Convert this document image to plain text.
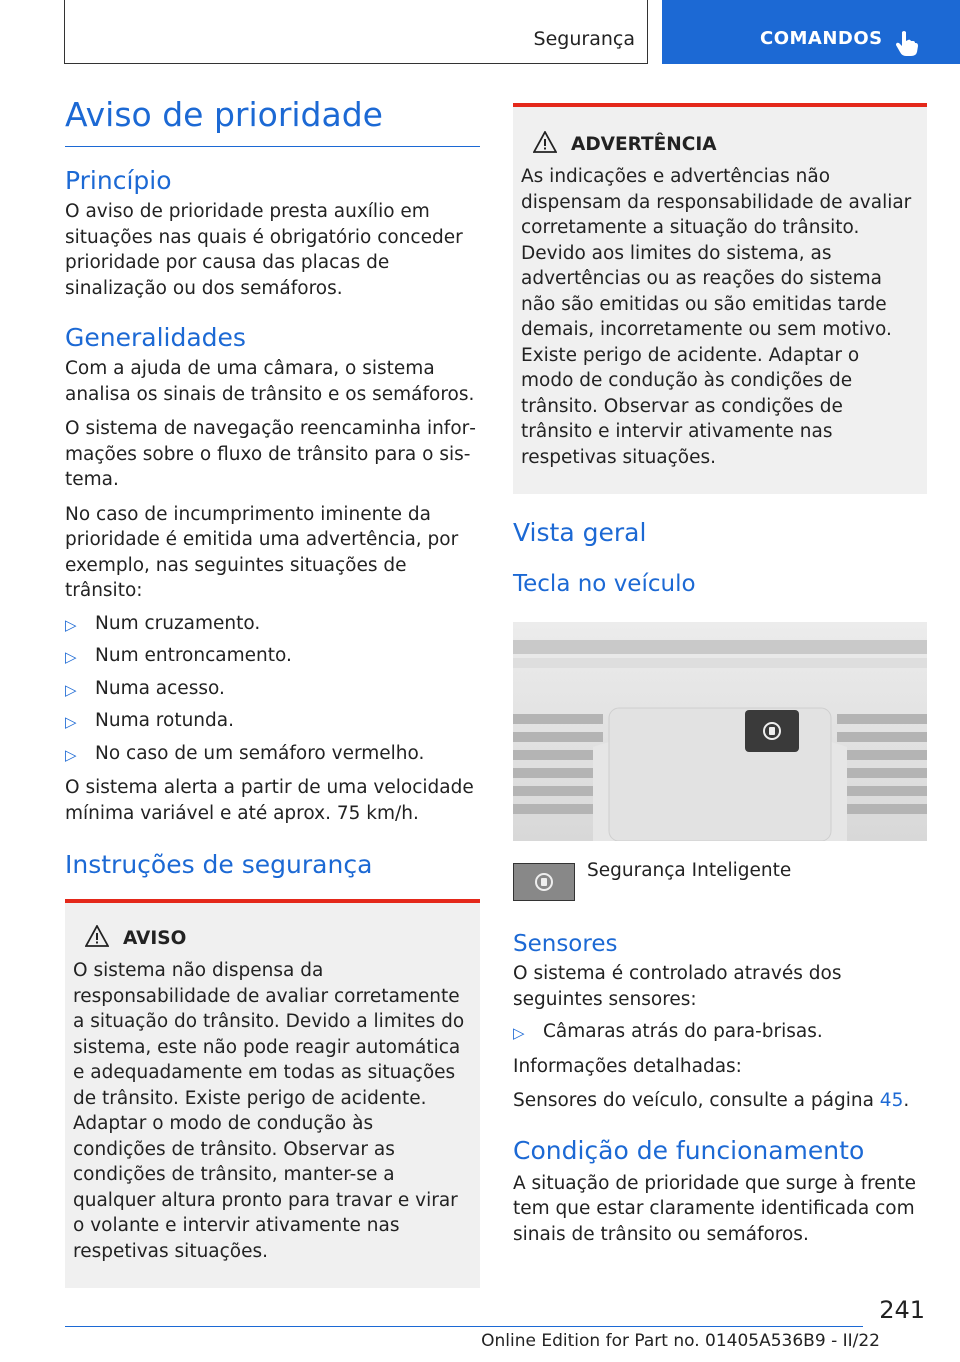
Segurança	COMANDOS
Aviso de prioridade
Princípio

O aviso de prioridade presta auxílio em situações nas quais é obrigatório conceder prioridade por causa das placas de sinalização ou dos semáforos.

Generalidades

Com a ajuda de uma câmara, o sistema analisa os sinais de trânsito e os semáforos.

O sistema de navegação reencaminha informações sobre o fluxo de trânsito para o sistema.

No caso de incumprimento iminente da prioridade é emitida uma advertência, por exemplo, nas seguintes situações de trânsito:

▷ Num cruzamento.
▷ Num entroncamento.
▷ Numa acesso.
▷ Numa rotunda.
▷ No caso de um semáforo vermelho.

O sistema alerta a partir de uma velocidade mínima variável e até aprox. 75 km/h.

Instruções de segurança
AVISO

O sistema não dispensa da responsabilidade de avaliar corretamente a situação do trânsito. Devido a limites do sistema, este não pode reagir automática e adequadamente em todas as situações de trânsito. Existe perigo de acidente. Adaptar o modo de condução às condições de trânsito. Observar as condições de trânsito, manter-se a qualquer altura pronto para travar e virar o volante e intervir ativamente nas respetivas situações.

ADVERTÊNCIA

As indicações e advertências não dispensam da responsabilidade de avaliar corretamente a situação do trânsito. Devido aos limites do sistema, as advertências ou as reações do sistema não são emitidas ou são emitidas tarde demais, incorretamente ou sem motivo. Existe perigo de acidente. Adaptar o modo de condução às condições de trânsito. Observar as condições de trânsito e intervir ativamente nas respetivas situações.

Vista geral
Tecla no veículo
Segurança Inteligente
Sensores

O sistema é controlado através dos seguintes sensores:

▷ Câmaras atrás do para-brisas.

Informações detalhadas:

Sensores do veículo, consulte a página 45.

Condição de funcionamento

A situação de prioridade que surge à frente tem que estar claramente identificada com sinais de trânsito ou semáforos.

241
Online Edition for Part no. 01405A536B9 - II/22
